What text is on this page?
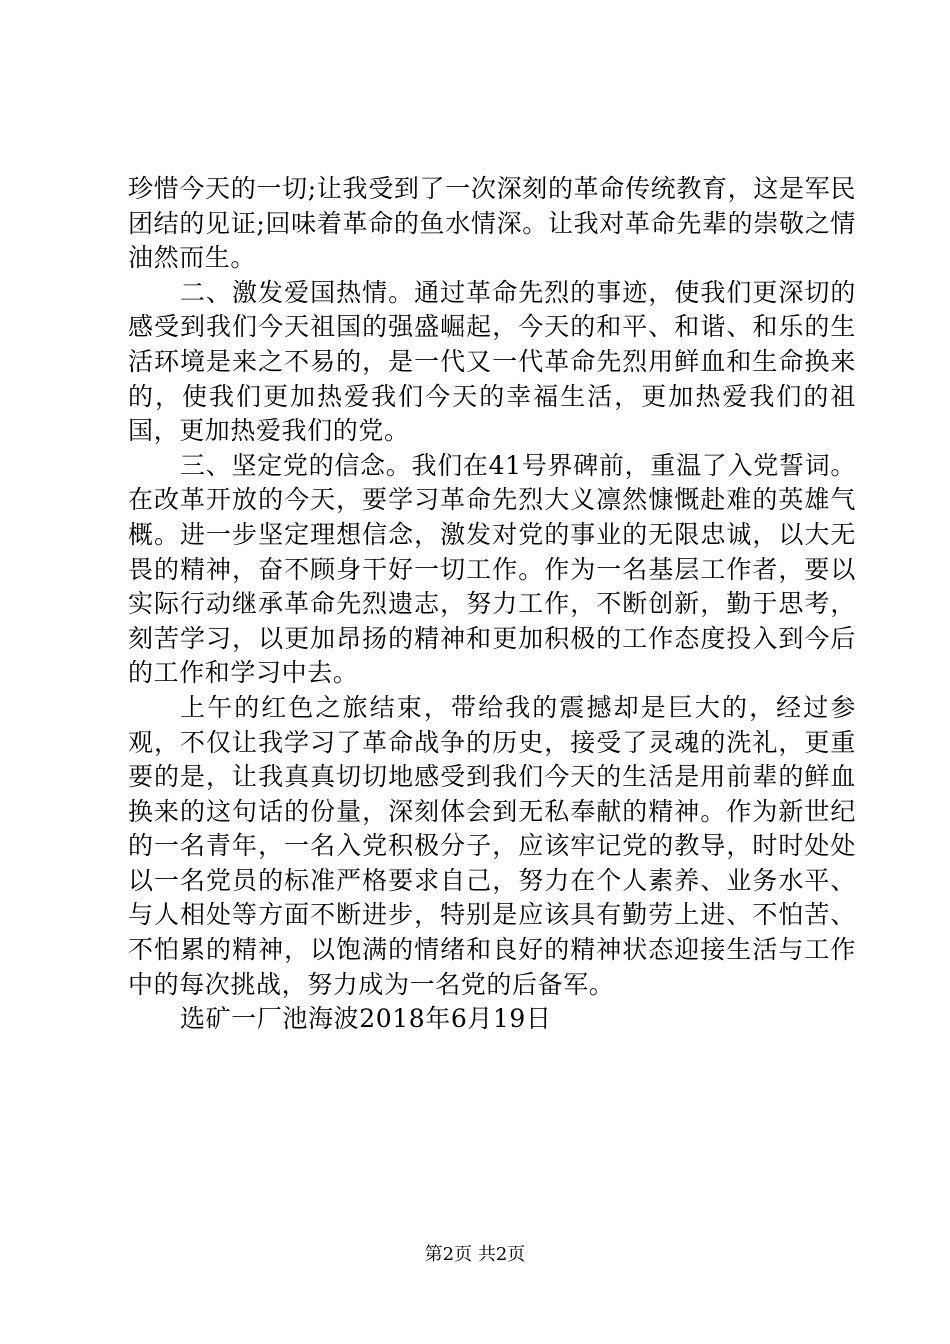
珍惜今天的一切;让我受到了一次深刻的革命传统教育，这是军民团结的见证;回味着革命的鱼水情深。让我对革命先辈的崇敬之情油然而生。

二、激发爱国热情。通过革命先烈的事迹，使我们更深切的感受到我们今天祖国的强盛崛起，今天的和平、和谐、和乐的生活环境是来之不易的，是一代又一代革命先烈用鲜血和生命换来的，使我们更加热爱我们今天的幸福生活，更加热爱我们的祖国，更加热爱我们的党。

三、坚定党的信念。我们在41号界碑前，重温了入党誓词。在改革开放的今天，要学习革命先烈大义凛然慷慨赴难的英雄气概。进一步坚定理想信念，激发对党的事业的无限忠诚，以大无畏的精神，奋不顾身干好一切工作。作为一名基层工作者，要以实际行动继承革命先烈遗志，努力工作，不断创新，勤于思考，刻苦学习，以更加昂扬的精神和更加积极的工作态度投入到今后的工作和学习中去。

上午的红色之旅结束，带给我的震撼却是巨大的，经过参观，不仅让我学习了革命战争的历史，接受了灵魂的洗礼，更重要的是，让我真真切切地感受到我们今天的生活是用前辈的鲜血换来的这句话的份量，深刻体会到无私奉献的精神。作为新世纪的一名青年，一名入党积极分子，应该牢记党的教导，时时处处以一名党员的标准严格要求自己，努力在个人素养、业务水平、与人相处等方面不断进步，特别是应该具有勤劳上进、不怕苦、不怕累的精神，以饱满的情绪和良好的精神状态迎接生活与工作中的每次挑战，努力成为一名党的后备军。

选矿一厂池海波2018年6月19日

第2页 共2页
